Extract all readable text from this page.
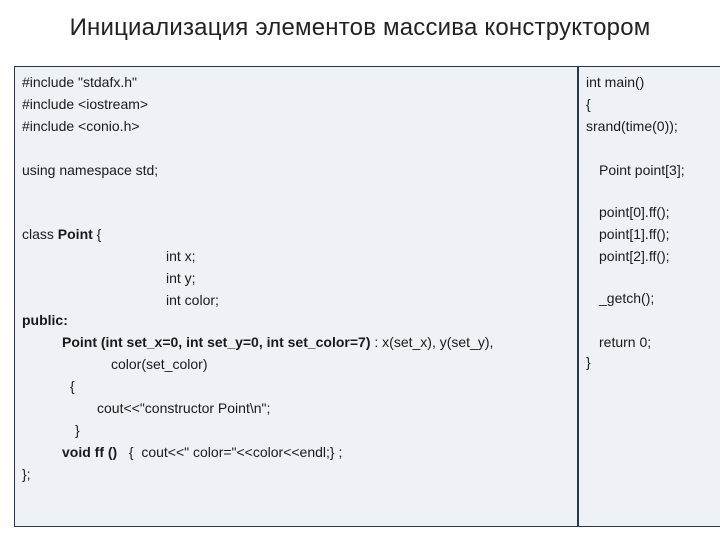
Инициализация элементов массива конструктором
#include "stdafx.h"
#include <iostream>
#include <conio.h>
using namespace std;
class Point {
int x;
int y;
int color;
public:
Point (int set_x=0, int set_y=0, int set_color=7) : x(set_x), y(set_y),
color(set_color)
{
cout<<"constructor Point\n";
}
void ff () {  cout<<" color="<<color<<endl;} ;
};
int main()
{
srand(time(0));
Point point[3];
point[0].ff();
point[1].ff();
point[2].ff();
_getch();
return 0;
}
